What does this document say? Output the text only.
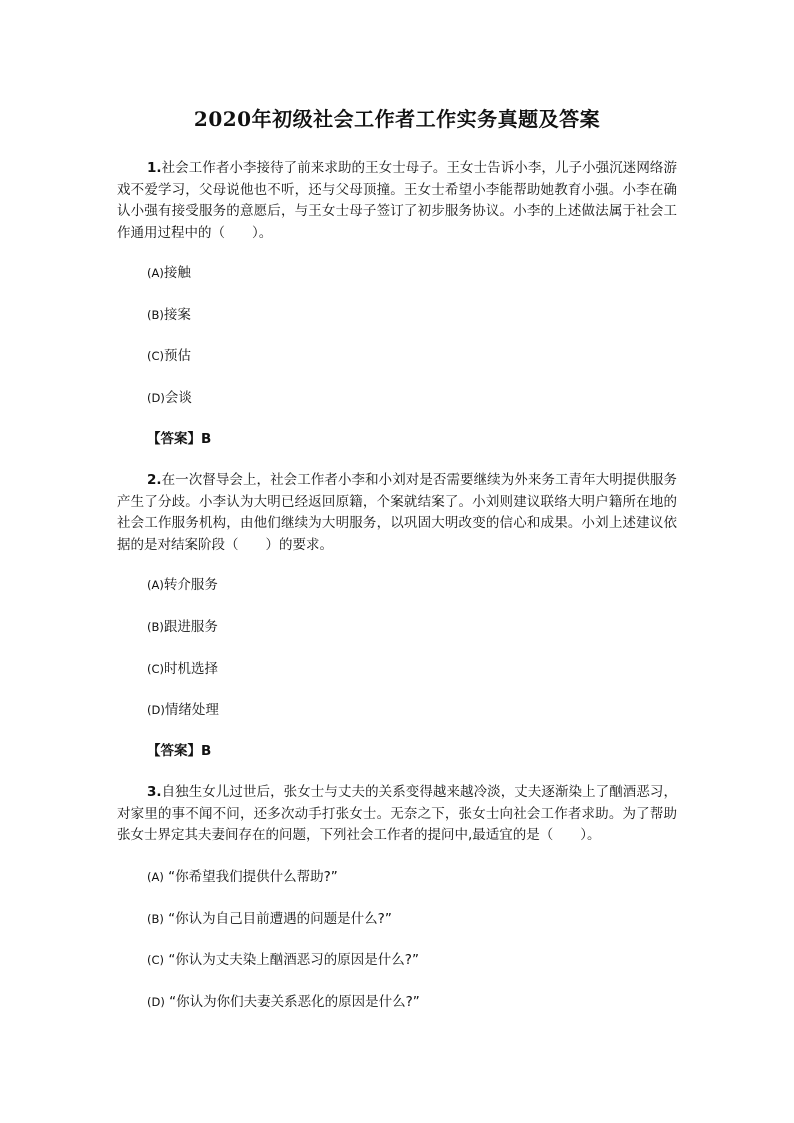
2020年初级社会工作者工作实务真题及答案

1.社会工作者小李接待了前来求助的王女士母子。王女士告诉小李，儿子小强沉迷网络游戏不爱学习，父母说他也不听，还与父母顶撞。王女士希望小李能帮助她教育小强。小李在确认小强有接受服务的意愿后，与王女士母子签订了初步服务协议。小李的上述做法属于社会工作通用过程中的（　　）。

(A)接触
(B)接案
(C)预估
(D)会谈
【答案】B

2.在一次督导会上，社会工作者小李和小刘对是否需要继续为外来务工青年大明提供服务产生了分歧。小李认为大明已经返回原籍，个案就结案了。小刘则建议联络大明户籍所在地的社会工作服务机构，由他们继续为大明服务，以巩固大明改变的信心和成果。小刘上述建议依据的是对结案阶段（　　）的要求。

(A)转介服务
(B)跟进服务
(C)时机选择
(D)情绪处理
【答案】B

3.自独生女儿过世后，张女士与丈夫的关系变得越来越冷淡，丈夫逐渐染上了酗酒恶习，对家里的事不闻不问，还多次动手打张女士。无奈之下，张女士向社会工作者求助。为了帮助张女士界定其夫妻间存在的问题，下列社会工作者的提问中,最适宜的是（　　）。

(A) “你希望我们提供什么帮助?”
(B) “你认为自己目前遭遇的问题是什么?”
(C) “你认为丈夫染上酗酒恶习的原因是什么?”
(D) “你认为你们夫妻关系恶化的原因是什么?”
